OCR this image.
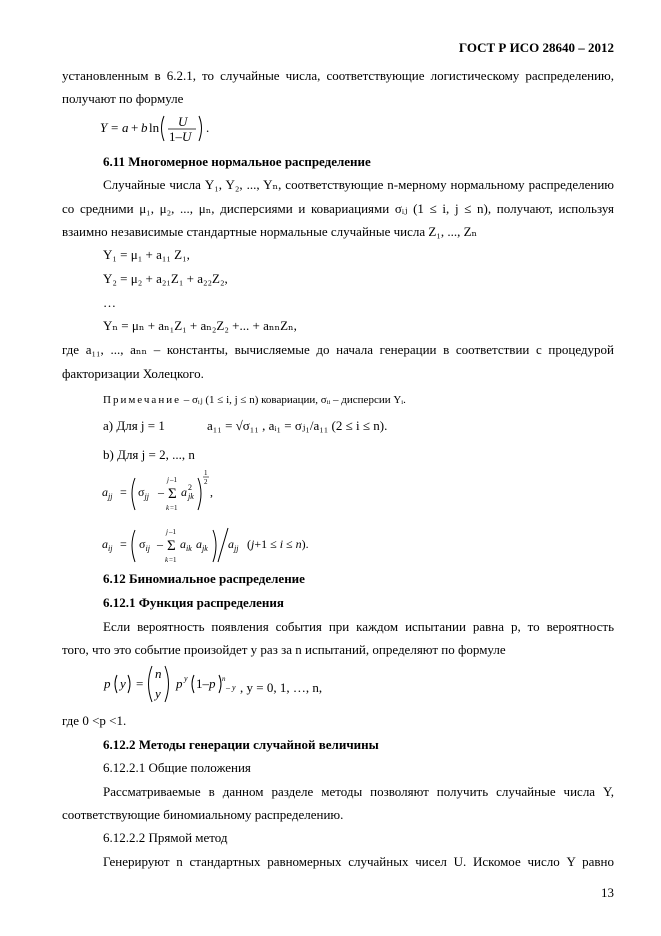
ГОСТ Р ИСО 28640 – 2012
установленным в 6.2.1, то случайные числа, соответствующие логистическому распределению,
получают по формуле
Y = a + b ln U
1–U
.
6.11 Многомерное нормальное распределение
Случайные числа Y₁, Y₂, ..., Yₙ, соответствующие n-мерному нормальному распределению
со средними μ₁, μ₂, ..., μₙ, дисперсиями и ковариациями σᵢⱼ (1 ≤ i, j ≤ n), получают, используя
взаимно независимые стандартные нормальные случайные числа Z₁, ..., Zₙ
Y₁ = μ₁ + a₁₁ Z₁,
Y₂ = μ₂ + a₂₁Z₁ + a₂₂Z₂,
…
Yₙ = μₙ + aₙ₁Z₁ + aₙ₂Z₂ +... + aₙₙZₙ,
где a₁₁, ..., aₙₙ – константы, вычисляемые до начала генерации в соответствии с процедурой
факторизации Холецкого.
Примечание – σᵢⱼ (1 ≤ i, j ≤ n) ковариации, σᵢᵢ – дисперсии Yᵢ.
a) Для j = 1	a₁₁ = √σ₁₁ , aᵢ₁ = σⱼ₁/a₁₁ (2 ≤ i ≤ n).
b) Для j = 2, ..., n
$a_{jj} = \sigma_{jj} - \Sigma$
j –1
k =1
a 2
jk
1
2
,
$a_{ij} = \sigma_{ij} - \Sigma$
j –1
k =1
$a_{ik}$ $a_{jk}$ $a_{jj}$ (j+1 ≤ i ≤ n).
6.12 Биномиальное распределение
6.12.1 Функция распределения
Если вероятность появления события при каждом испытании равна p, то вероятность
того, что это событие произойдет y раз за n испытаний, определяют по формуле
p y =
n
y
p y 1–p n
– y , y = 0, 1, …, n,
где 0 <p <1.
6.12.2 Методы генерации случайной величины
6.12.2.1 Общие положения
Рассматриваемые в данном разделе методы позволяют получить случайные числа Y,
соответствующие биномиальному распределению.
6.12.2.2 Прямой метод
Генерируют n стандартных равномерных случайных чисел U. Искомое число Y равно
13
